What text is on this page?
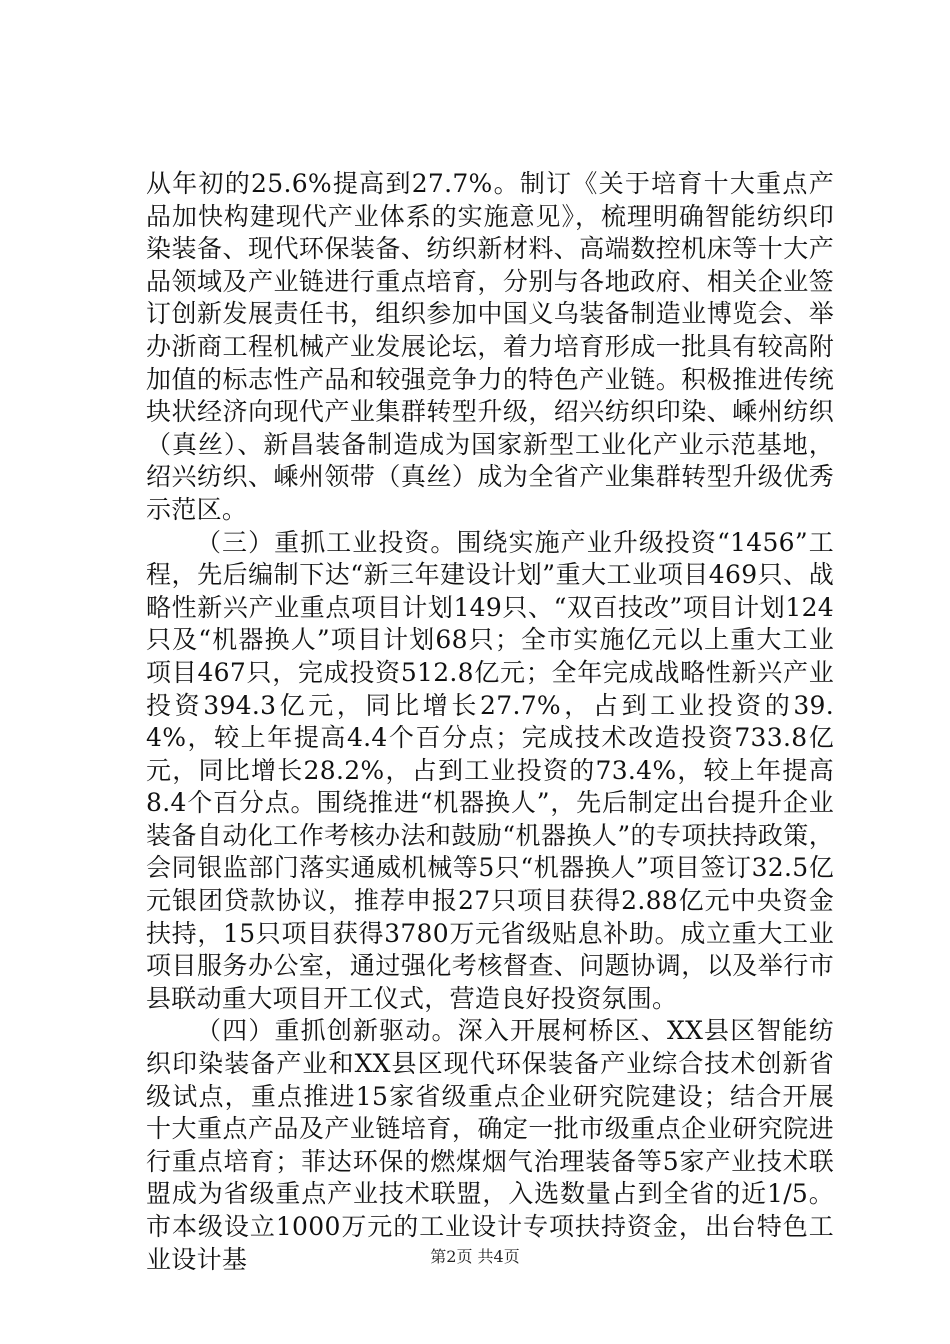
从年初的25.6%提高到27.7%。制订《关于培育十大重点产品加快构建现代产业体系的实施意见》，梳理明确智能纺织印染装备、现代环保装备、纺织新材料、高端数控机床等十大产品领域及产业链进行重点培育，分别与各地政府、相关企业签订创新发展责任书，组织参加中国义乌装备制造业博览会、举办浙商工程机械产业发展论坛，着力培育形成一批具有较高附加值的标志性产品和较强竞争力的特色产业链。积极推进传统块状经济向现代产业集群转型升级，绍兴纺织印染、嵊州纺织（真丝）、新昌装备制造成为国家新型工业化产业示范基地，绍兴纺织、嵊州领带（真丝）成为全省产业集群转型升级优秀示范区。

（三）重抓工业投资。围绕实施产业升级投资“1456”工程，先后编制下达“新三年建设计划”重大工业项目469只、战略性新兴产业重点项目计划149只、“双百技改”项目计划124只及“机器换人”项目计划68只；全市实施亿元以上重大工业项目467只，完成投资512.8亿元；全年完成战略性新兴产业投资394.3亿元，同比增长27.7%，占到工业投资的39.4%，较上年提高4.4个百分点；完成技术改造投资733.8亿元，同比增长28.2%，占到工业投资的73.4%，较上年提高8.4个百分点。围绕推进“机器换人”，先后制定出台提升企业装备自动化工作考核办法和鼓励“机器换人”的专项扶持政策，会同银监部门落实通威机械等5只“机器换人”项目签订32.5亿元银团贷款协议，推荐申报27只项目获得2.88亿元中央资金扶持，15只项目获得3780万元省级贴息补助。成立重大工业项目服务办公室，通过强化考核督查、问题协调，以及举行市县联动重大项目开工仪式，营造良好投资氛围。

（四）重抓创新驱动。深入开展柯桥区、XX县区智能纺织印染装备产业和XX县区现代环保装备产业综合技术创新省级试点，重点推进15家省级重点企业研究院建设；结合开展十大重点产品及产业链培育，确定一批市级重点企业研究院进行重点培育；菲达环保的燃煤烟气治理装备等5家产业技术联盟成为省级重点产业技术联盟，入选数量占到全省的近1/5。市本级设立1000万元的工业设计专项扶持资金，出台特色工业设计基	第2页 共4页
